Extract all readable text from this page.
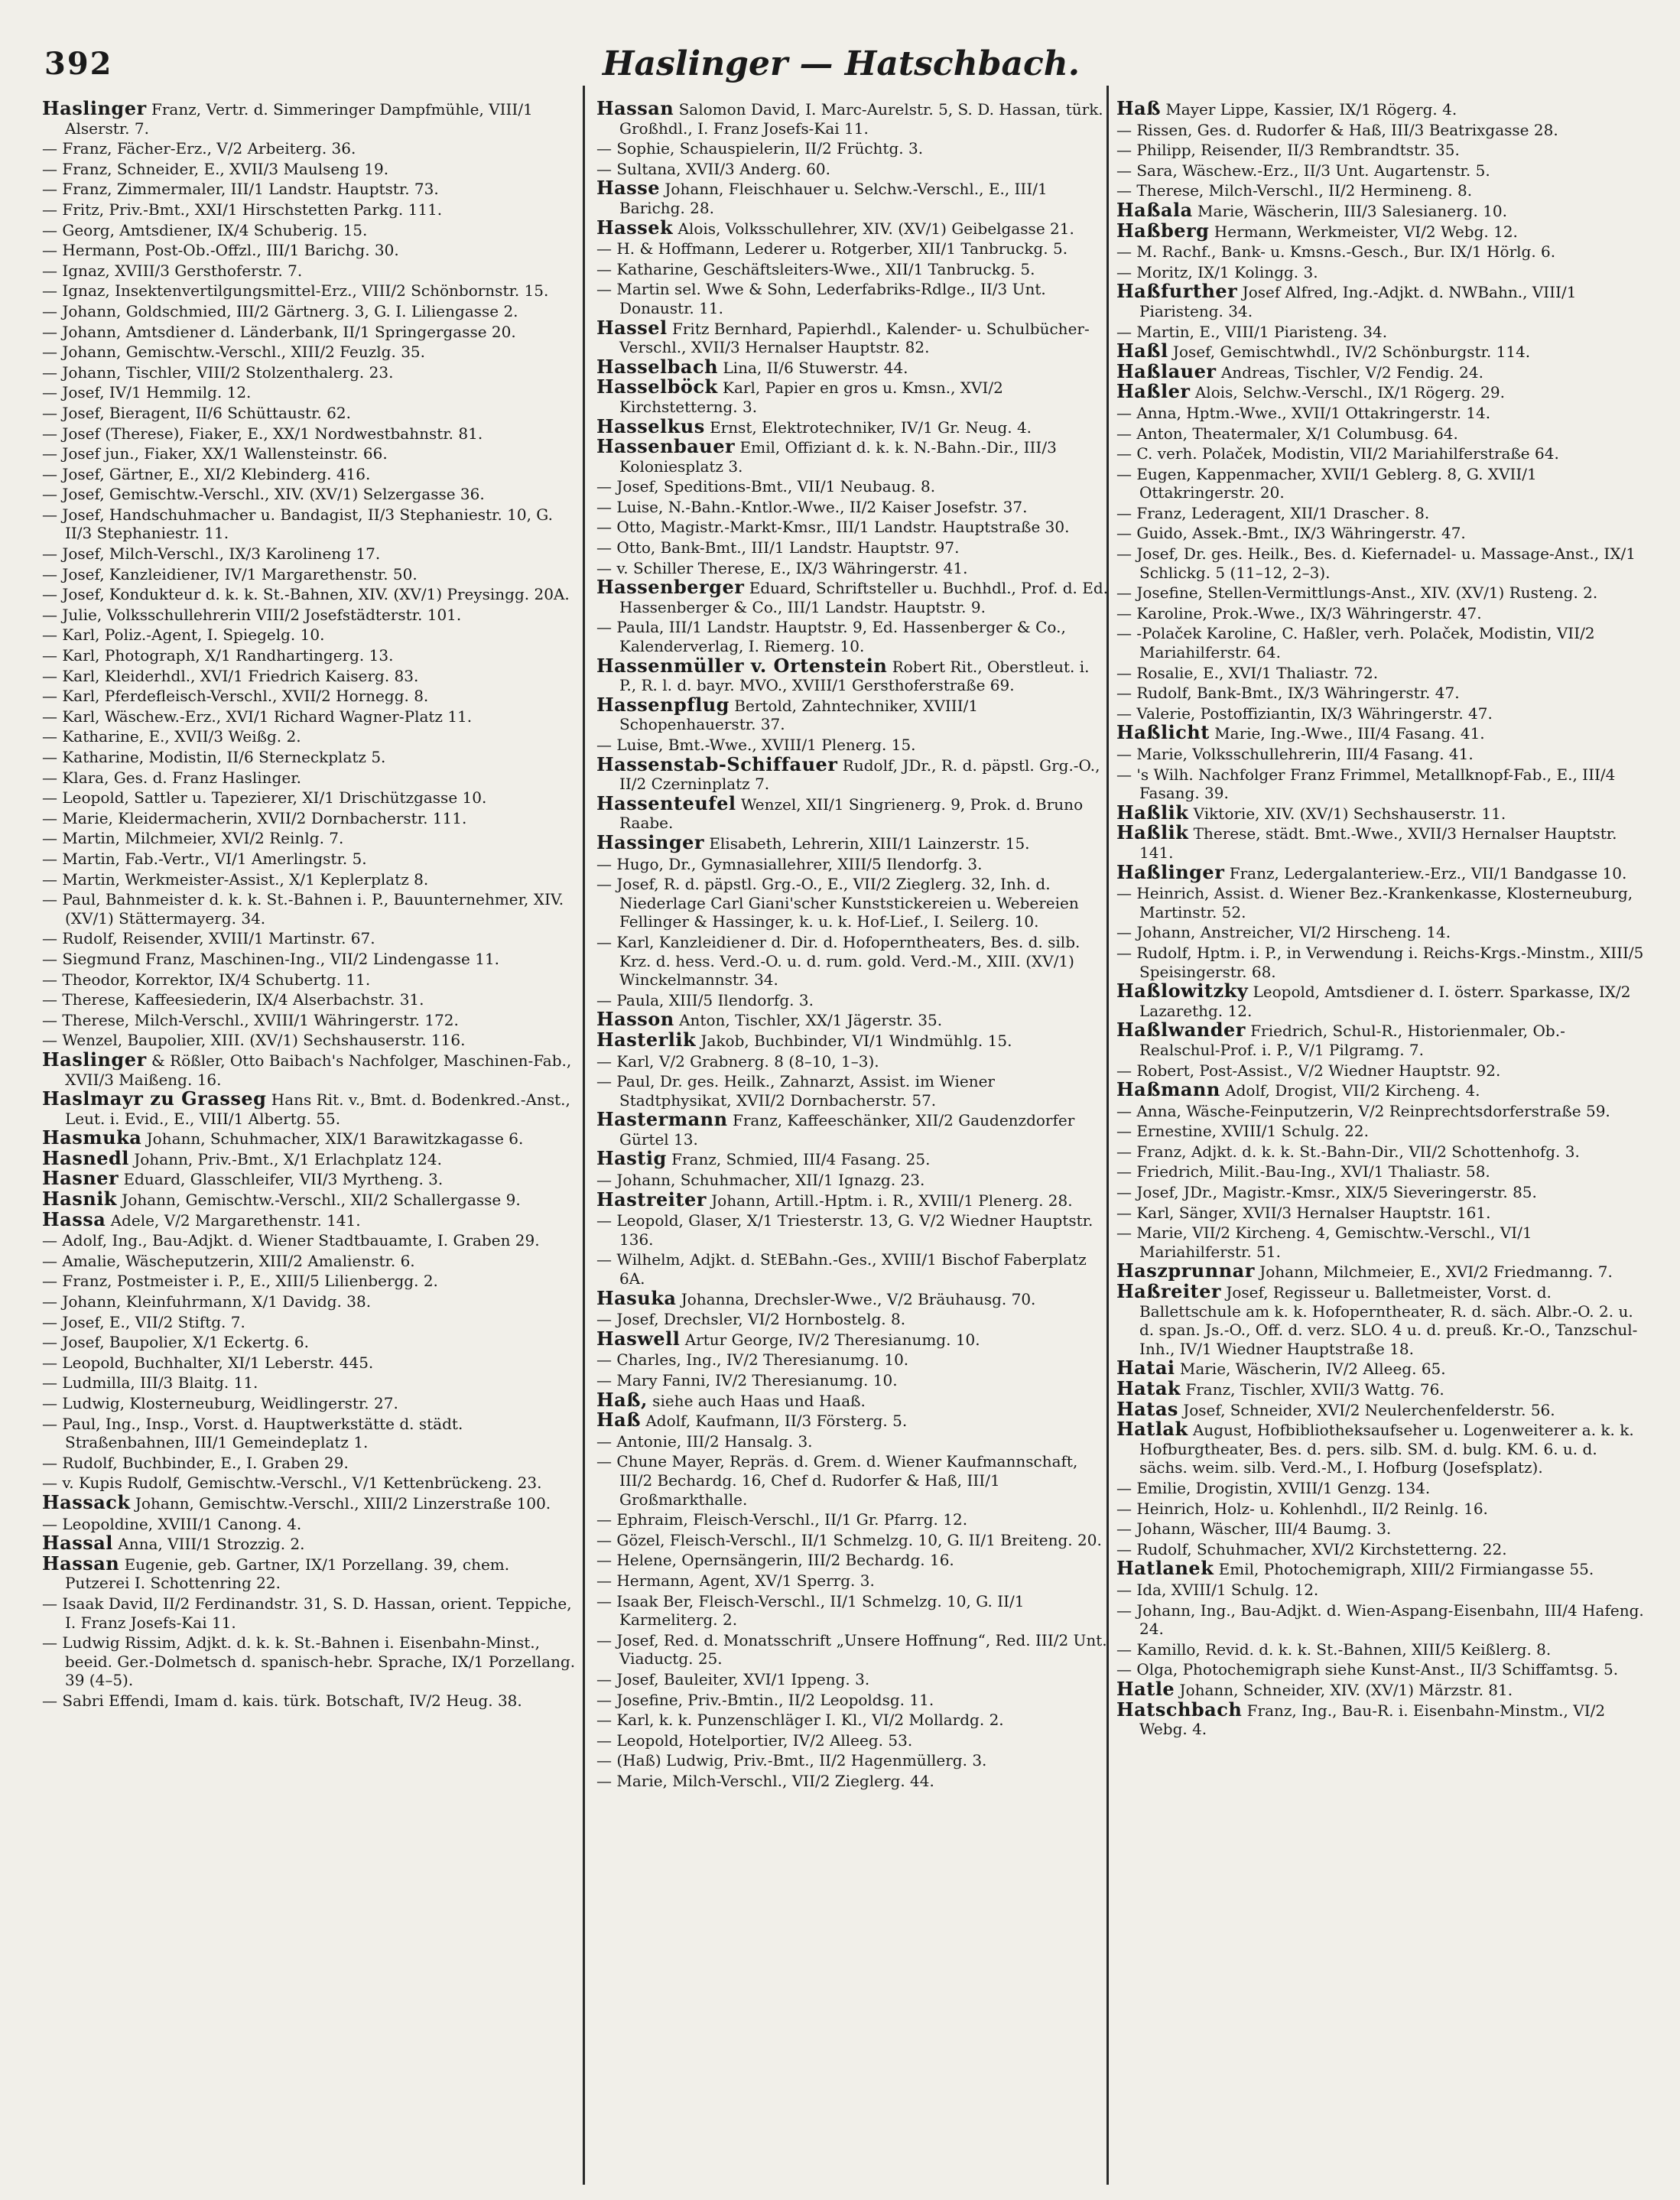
392	Haslinger — Hatschbach.
Haslinger Franz, Vertr. d. Simmeringer Dampfmühle, VIII/1 Alserstr. 7.
— Franz, Fächer-Erz., V/2 Arbeiterg. 36.
— Franz, Schneider, E., XVII/3 Maulseng 19.
— Franz, Zimmermaler, III/1 Landstr. Hauptstr. 73.
— Fritz, Priv.-Bmt., XXI/1 Hirschstetten Parkg. 111.
— Georg, Amtsdiener, IX/4 Schuberig. 15.
— Hermann, Post-Ob.-Offzl., III/1 Barichg. 30.
— Ignaz, XVIII/3 Gersthoferstr. 7.
— Ignaz, Insektenvertilgungsmittel-Erz., VIII/2 Schönbornstr. 15.
— Johann, Goldschmied, III/2 Gärtnerg. 3, G. I. Liliengasse 2.
— Johann, Amtsdiener d. Länderbank, II/1 Springergasse 20.
— Johann, Gemischtw.-Verschl., XIII/2 Feuzlg. 35.
— Johann, Tischler, VIII/2 Stolzenthalerg. 23.
— Josef, IV/1 Hemmilg. 12.
— Josef, Bieragent, II/6 Schüttaustr. 62.
— Josef (Therese), Fiaker, E., XX/1 Nordwestbahnstr. 81.
— Josef jun., Fiaker, XX/1 Wallensteinstr. 66.
— Josef, Gärtner, E., XI/2 Klebinderg. 416.
— Josef, Gemischtw.-Verschl., XIV. (XV/1) Selzergasse 36.
— Josef, Handschuhmacher u. Bandagist, II/3 Stephaniestr. 10, G. II/3 Stephaniestr. 11.
— Josef, Milch-Verschl., IX/3 Karolineng 17.
— Josef, Kanzleidiener, IV/1 Margarethenstr. 50.
— Josef, Kondukteur d. k. k. St.-Bahnen, XIV. (XV/1) Preysingg. 20A.
— Julie, Volksschullehrerin VIII/2 Josefstädterstr. 101.
— Karl, Poliz.-Agent, I. Spiegelg. 10.
— Karl, Photograph, X/1 Randhartingerg. 13.
— Karl, Kleiderhdl., XVI/1 Friedrich Kaiserg. 83.
— Karl, Pferdefleisch-Verschl., XVII/2 Hornegg. 8.
— Karl, Wäschew.-Erz., XVI/1 Richard Wagner-Platz 11.
— Katharine, E., XVII/3 Weißg. 2.
— Katharine, Modistin, II/6 Sterneckplatz 5.
— Klara, Ges. d. Franz Haslinger.
— Leopold, Sattler u. Tapezierer, XI/1 Drischützgasse 10.
— Marie, Kleidermacherin, XVII/2 Dornbacherstr. 111.
— Martin, Milchmeier, XVI/2 Reinlg. 7.
— Martin, Fab.-Vertr., VI/1 Amerlingstr. 5.
— Martin, Werkmeister-Assist., X/1 Keplerplatz 8.
— Paul, Bahnmeister d. k. k. St.-Bahnen i. P., Bauunternehmer, XIV. (XV/1) Stättermayerg. 34.
— Rudolf, Reisender, XVIII/1 Martinstr. 67.
— Siegmund Franz, Maschinen-Ing., VII/2 Lindengasse 11.
— Theodor, Korrektor, IX/4 Schubertg. 11.
— Therese, Kaffeesiederin, IX/4 Alserbachstr. 31.
— Therese, Milch-Verschl., XVIII/1 Währingerstr. 172.
— Wenzel, Baupolier, XIII. (XV/1) Sechshauserstr. 116.
Haslinger & Rößler, Otto Baibach's Nachfolger, Maschinen-Fab., XVII/3 Maißeng. 16.
Haslmayr zu Grasseg Hans Rit. v., Bmt. d. Bodenkred.-Anst., Leut. i. Evid., E., VIII/1 Albertg. 55.
Hasmuka Johann, Schuhmacher, XIX/1 Barawitzkagasse 6.
Hasnedl Johann, Priv.-Bmt., X/1 Erlachplatz 124.
Hasner Eduard, Glasschleifer, VII/3 Myrtheng. 3.
Hasnik Johann, Gemischtw.-Verschl., XII/2 Schallergasse 9.
Hassa Adele, V/2 Margarethenstr. 141.
— Adolf, Ing., Bau-Adjkt. d. Wiener Stadtbauamte, I. Graben 29.
— Amalie, Wäscheputzerin, XIII/2 Amalienstr. 6.
— Franz, Postmeister i. P., E., XIII/5 Lilienbergg. 2.
— Johann, Kleinfuhrmann, X/1 Davidg. 38.
— Josef, E., VII/2 Stiftg. 7.
— Josef, Baupolier, X/1 Eckertg. 6.
— Leopold, Buchhalter, XI/1 Leberstr. 445.
— Ludmilla, III/3 Blaitg. 11.
— Ludwig, Klosterneuburg, Weidlingerstr. 27.
— Paul, Ing., Insp., Vorst. d. Hauptwerkstätte d. städt. Straßenbahnen, III/1 Gemeindeplatz 1.
— Rudolf, Buchbinder, E., I. Graben 29.
— v. Kupis Rudolf, Gemischtw.-Verschl., V/1 Kettenbrückeng. 23.
Hassack Johann, Gemischtw.-Verschl., XIII/2 Linzerstraße 100.
— Leopoldine, XVIII/1 Canong. 4.
Hassal Anna, VIII/1 Strozzig. 2.
Hassan Eugenie, geb. Gartner, IX/1 Porzellang. 39, chem. Putzerei I. Schottenring 22.
— Isaak David, II/2 Ferdinandstr. 31, S. D. Hassan, orient. Teppiche, I. Franz Josefs-Kai 11.
— Ludwig Rissim, Adjkt. d. k. k. St.-Bahnen i. Eisenbahn-Minst., beeid. Ger.-Dolmetsch d. spanisch-hebr. Sprache, IX/1 Porzellang. 39 (4–5).
— Sabri Effendi, Imam d. kais. türk. Botschaft, IV/2 Heug. 38.
Hassan Salomon David, I. Marc-Aurelstr. 5, S. D. Hassan, türk. Großhdl., I. Franz Josefs-Kai 11.
— Sophie, Schauspielerin, II/2 Früchtg. 3.
— Sultana, XVII/3 Anderg. 60.
Hasse Johann, Fleischhauer u. Selchw.-Verschl., E., III/1 Barichg. 28.
Hassek Alois, Volksschullehrer, XIV. (XV/1) Geibelgasse 21.
— H. & Hoffmann, Lederer u. Rotgerber, XII/1 Tanbruckg. 5.
— Katharine, Geschäftsleiters-Wwe., XII/1 Tanbruckg. 5.
— Martin sel. Wwe & Sohn, Lederfabriks-Rdlge., II/3 Unt. Donaustr. 11.
Hassel Fritz Bernhard, Papierhdl., Kalender- u. Schulbücher-Verschl., XVII/3 Hernalser Hauptstr. 82.
Hasselbach Lina, II/6 Stuwerstr. 44.
Hasselböck Karl, Papier en gros u. Kmsn., XVI/2 Kirchstetterng. 3.
Hasselkus Ernst, Elektrotechniker, IV/1 Gr. Neug. 4.
Hassenbauer Emil, Offiziant d. k. k. N.-Bahn.-Dir., III/3 Koloniesplatz 3.
— Josef, Speditions-Bmt., VII/1 Neubaug. 8.
— Luise, N.-Bahn.-Kntlor.-Wwe., II/2 Kaiser Josefstr. 37.
— Otto, Magistr.-Markt-Kmsr., III/1 Landstr. Hauptstraße 30.
— Otto, Bank-Bmt., III/1 Landstr. Hauptstr. 97.
— v. Schiller Therese, E., IX/3 Währingerstr. 41.
Hassenberger Eduard, Schriftsteller u. Buchhdl., Prof. d. Ed. Hassenberger & Co., III/1 Landstr. Hauptstr. 9.
— Paula, III/1 Landstr. Hauptstr. 9, Ed. Hassenberger & Co., Kalenderverlag, I. Riemerg. 10.
Hassenmüller v. Ortenstein Robert Rit., Oberstleut. i. P., R. l. d. bayr. MVO., XVIII/1 Gersthoferstraße 69.
Hassenpflug Bertold, Zahntechniker, XVIII/1 Schopenhauerstr. 37.
— Luise, Bmt.-Wwe., XVIII/1 Plenerg. 15.
Hassenstab-Schiffauer Rudolf, JDr., R. d. päpstl. Grg.-O., II/2 Czerninplatz 7.
Hassenteufel Wenzel, XII/1 Singrienerg. 9, Prok. d. Bruno Raabe.
Hassinger Elisabeth, Lehrerin, XIII/1 Lainzerstr. 15.
— Hugo, Dr., Gymnasiallehrer, XIII/5 Ilendorfg. 3.
— Josef, R. d. päpstl. Grg.-O., E., VII/2 Zieglerg. 32, Inh. d. Niederlage Carl Giani'scher Kunststickereien u. Webereien Fellinger & Hassinger, k. u. k. Hof-Lief., I. Seilerg. 10.
— Karl, Kanzleidiener d. Dir. d. Hofoperntheaters, Bes. d. silb. Krz. d. hess. Verd.-O. u. d. rum. gold. Verd.-M., XIII. (XV/1) Winckelmannstr. 34.
— Paula, XIII/5 Ilendorfg. 3.
Hasson Anton, Tischler, XX/1 Jägerstr. 35.
Hasterlik Jakob, Buchbinder, VI/1 Windmühlg. 15.
— Karl, V/2 Grabnerg. 8 (8–10, 1–3).
— Paul, Dr. ges. Heilk., Zahnarzt, Assist. im Wiener Stadtphysikat, XVII/2 Dornbacherstr. 57.
Hastermann Franz, Kaffeeschänker, XII/2 Gaudenzdorfer Gürtel 13.
Hastig Franz, Schmied, III/4 Fasang. 25.
— Johann, Schuhmacher, XII/1 Ignazg. 23.
Hastreiter Johann, Artill.-Hptm. i. R., XVIII/1 Plenerg. 28.
— Leopold, Glaser, X/1 Triesterstr. 13, G. V/2 Wiedner Hauptstr. 136.
— Wilhelm, Adjkt. d. StEBahn.-Ges., XVIII/1 Bischof Faberplatz 6A.
Hasuka Johanna, Drechsler-Wwe., V/2 Bräuhausg. 70.
— Josef, Drechsler, VI/2 Hornbostelg. 8.
Haswell Artur George, IV/2 Theresianumg. 10.
— Charles, Ing., IV/2 Theresianumg. 10.
— Mary Fanni, IV/2 Theresianumg. 10.
Haß, siehe auch Haas und Haaß.
Haß Adolf, Kaufmann, II/3 Försterg. 5.
— Antonie, III/2 Hansalg. 3.
— Chune Mayer, Repräs. d. Grem. d. Wiener Kaufmannschaft, III/2 Bechardg. 16, Chef d. Rudorfer & Haß, III/1 Großmarkthalle.
— Ephraim, Fleisch-Verschl., II/1 Gr. Pfarrg. 12.
— Gözel, Fleisch-Verschl., II/1 Schmelzg. 10, G. II/1 Breiteng. 20.
— Helene, Opernsängerin, III/2 Bechardg. 16.
— Hermann, Agent, XV/1 Sperrg. 3.
— Isaak Ber, Fleisch-Verschl., II/1 Schmelzg. 10, G. II/1 Karmeliterg. 2.
— Josef, Red. d. Monatsschrift „Unsere Hoffnung“, Red. III/2 Unt. Viaductg. 25.
— Josef, Bauleiter, XVI/1 Ippeng. 3.
— Josefine, Priv.-Bmtin., II/2 Leopoldsg. 11.
— Karl, k. k. Punzenschläger I. Kl., VI/2 Mollardg. 2.
— Leopold, Hotelportier, IV/2 Alleeg. 53.
— (Haß) Ludwig, Priv.-Bmt., II/2 Hagenmüllerg. 3.
— Marie, Milch-Verschl., VII/2 Zieglerg. 44.
Haß Mayer Lippe, Kassier, IX/1 Rögerg. 4.
— Rissen, Ges. d. Rudorfer & Haß, III/3 Beatrixgasse 28.
— Philipp, Reisender, II/3 Rembrandtstr. 35.
— Sara, Wäschew.-Erz., II/3 Unt. Augartenstr. 5.
— Therese, Milch-Verschl., II/2 Hermineng. 8.
Haßala Marie, Wäscherin, III/3 Salesianerg. 10.
Haßberg Hermann, Werkmeister, VI/2 Webg. 12.
— M. Rachf., Bank- u. Kmsns.-Gesch., Bur. IX/1 Hörlg. 6.
— Moritz, IX/1 Kolingg. 3.
Haßfurther Josef Alfred, Ing.-Adjkt. d. NWBahn., VIII/1 Piaristeng. 34.
— Martin, E., VIII/1 Piaristeng. 34.
Haßl Josef, Gemischtwhdl., IV/2 Schönburgstr. 114.
Haßlauer Andreas, Tischler, V/2 Fendig. 24.
Haßler Alois, Selchw.-Verschl., IX/1 Rögerg. 29.
— Anna, Hptm.-Wwe., XVII/1 Ottakringerstr. 14.
— Anton, Theatermaler, X/1 Columbusg. 64.
— C. verh. Polaček, Modistin, VII/2 Mariahilferstraße 64.
— Eugen, Kappenmacher, XVII/1 Geblerg. 8, G. XVII/1 Ottakringerstr. 20.
— Franz, Lederagent, XII/1 Draschег. 8.
— Guido, Assek.-Bmt., IX/3 Währingerstr. 47.
— Josef, Dr. ges. Heilk., Bes. d. Kiefernadel- u. Massage-Anst., IX/1 Schlickg. 5 (11–12, 2–3).
— Josefine, Stellen-Vermittlungs-Anst., XIV. (XV/1) Rusteng. 2.
— Karoline, Prok.-Wwe., IX/3 Währingerstr. 47.
— -Polaček Karoline, C. Haßler, verh. Polaček, Modistin, VII/2 Mariahilferstr. 64.
— Rosalie, E., XVI/1 Thaliastr. 72.
— Rudolf, Bank-Bmt., IX/3 Währingerstr. 47.
— Valerie, Postoffiziantin, IX/3 Währingerstr. 47.
Haßlicht Marie, Ing.-Wwe., III/4 Fasang. 41.
— Marie, Volksschullehrerin, III/4 Fasang. 41.
— 's Wilh. Nachfolger Franz Frimmel, Metallknopf-Fab., E., III/4 Fasang. 39.
Haßlik Viktorie, XIV. (XV/1) Sechshauserstr. 11.
Haßlik Therese, städt. Bmt.-Wwe., XVII/3 Hernalser Hauptstr. 141.
Haßlinger Franz, Ledergalanteriew.-Erz., VII/1 Bandgasse 10.
— Heinrich, Assist. d. Wiener Bez.-Krankenkasse, Klosterneuburg, Martinstr. 52.
— Johann, Anstreicher, VI/2 Hirscheng. 14.
— Rudolf, Hptm. i. P., in Verwendung i. Reichs-Krgs.-Minstm., XIII/5 Speisingerstr. 68.
Haßlowitzky Leopold, Amtsdiener d. I. österr. Sparkasse, IX/2 Lazarethg. 12.
Haßlwander Friedrich, Schul-R., Historienmaler, Ob.-Realschul-Prof. i. P., V/1 Pilgramg. 7.
— Robert, Post-Assist., V/2 Wiedner Hauptstr. 92.
Haßmann Adolf, Drogist, VII/2 Kircheng. 4.
— Anna, Wäsche-Feinputzerin, V/2 Reinprechtsdorferstraße 59.
— Ernestine, XVIII/1 Schulg. 22.
— Franz, Adjkt. d. k. k. St.-Bahn-Dir., VII/2 Schottenhofg. 3.
— Friedrich, Milit.-Bau-Ing., XVI/1 Thaliastr. 58.
— Josef, JDr., Magistr.-Kmsr., XIX/5 Sieveringerstr. 85.
— Karl, Sänger, XVII/3 Hernalser Hauptstr. 161.
— Marie, VII/2 Kircheng. 4, Gemischtw.-Verschl., VI/1 Mariahilferstr. 51.
Haszprunnar Johann, Milchmeier, E., XVI/2 Friedmanng. 7.
Haßreiter Josef, Regisseur u. Balletmeister, Vorst. d. Ballettschule am k. k. Hofoperntheater, R. d. säch. Albr.-O. 2. u. d. span. Js.-O., Off. d. verz. SLO. 4 u. d. preuß. Kr.-O., Tanzschul-Inh., IV/1 Wiedner Hauptstraße 18.
Hatai Marie, Wäscherin, IV/2 Alleeg. 65.
Hatak Franz, Tischler, XVII/3 Wattg. 76.
Hatas Josef, Schneider, XVI/2 Neulerchenfelderstr. 56.
Hatlak August, Hofbibliotheksaufseher u. Logenweiterer a. k. k. Hofburgtheater, Bes. d. pers. silb. SM. d. bulg. KM. 6. u. d. sächs. weim. silb. Verd.-M., I. Hofburg (Josefsplatz).
— Emilie, Drogistin, XVIII/1 Genzg. 134.
— Heinrich, Holz- u. Kohlenhdl., II/2 Reinlg. 16.
— Johann, Wäscher, III/4 Baumg. 3.
— Rudolf, Schuhmacher, XVI/2 Kirchstetterng. 22.
Hatlanek Emil, Photochemigraph, XIII/2 Firmiangasse 55.
— Ida, XVIII/1 Schulg. 12.
— Johann, Ing., Bau-Adjkt. d. Wien-Aspang-Eisenbahn, III/4 Hafeng. 24.
— Kamillo, Revid. d. k. k. St.-Bahnen, XIII/5 Keißlerg. 8.
— Olga, Photochemigraph siehe Kunst-Anst., II/3 Schiffamtsg. 5.
Hatle Johann, Schneider, XIV. (XV/1) Märzstr. 81.
Hatschbach Franz, Ing., Bau-R. i. Eisenbahn-Minstm., VI/2 Webg. 4.
